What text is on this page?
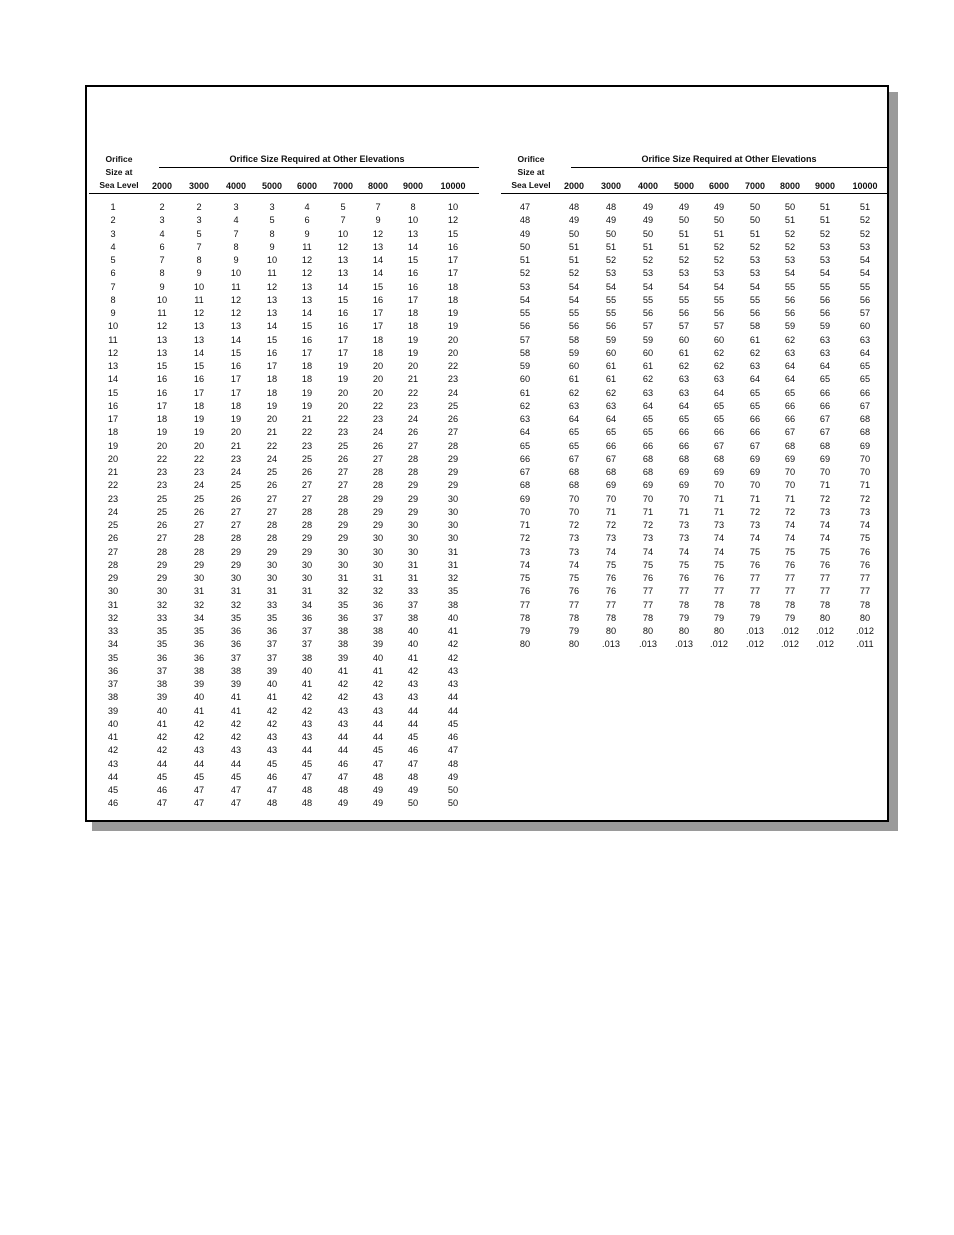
Orifice
Size at
Sea Level
Orifice Size Required at Other Elevations
2000	3000	4000	5000	6000	7000	8000	9000	10000
1	2	2	3	3	4	5	7	8	10
2	3	3	4	5	6	7	9	10	12
3	4	5	7	8	9	10	12	13	15
4	6	7	8	9	11	12	13	14	16
5	7	8	9	10	12	13	14	15	17
6	8	9	10	11	12	13	14	16	17
7	9	10	11	12	13	14	15	16	18
8	10	11	12	13	13	15	16	17	18
9	11	12	12	13	14	16	17	18	19
10	12	13	13	14	15	16	17	18	19
11	13	13	14	15	16	17	18	19	20
12	13	14	15	16	17	17	18	19	20
13	15	15	16	17	18	19	20	20	22
14	16	16	17	18	18	19	20	21	23
15	16	17	17	18	19	20	20	22	24
16	17	18	18	19	19	20	22	23	25
17	18	19	19	20	21	22	23	24	26
18	19	19	20	21	22	23	24	26	27
19	20	20	21	22	23	25	26	27	28
20	22	22	23	24	25	26	27	28	29
21	23	23	24	25	26	27	28	28	29
22	23	24	25	26	27	27	28	29	29
23	25	25	26	27	27	28	29	29	30
24	25	26	27	27	28	28	29	29	30
25	26	27	27	28	28	29	29	30	30
26	27	28	28	28	29	29	30	30	30
27	28	28	29	29	29	30	30	30	31
28	29	29	29	30	30	30	30	31	31
29	29	30	30	30	30	31	31	31	32
30	30	31	31	31	31	32	32	33	35
31	32	32	32	33	34	35	36	37	38
32	33	34	35	35	36	36	37	38	40
33	35	35	36	36	37	38	38	40	41
34	35	36	36	37	37	38	39	40	42
35	36	36	37	37	38	39	40	41	42
36	37	38	38	39	40	41	41	42	43
37	38	39	39	40	41	42	42	43	43
38	39	40	41	41	42	42	43	43	44
39	40	41	41	42	42	43	43	44	44
40	41	42	42	42	43	43	44	44	45
41	42	42	42	43	43	44	44	45	46
42	42	43	43	43	44	44	45	46	47
43	44	44	44	45	45	46	47	47	48
44	45	45	45	46	47	47	48	48	49
45	46	47	47	47	48	48	49	49	50
46	47	47	47	48	48	49	49	50	50
Orifice
Size at
Sea Level
Orifice Size Required at Other Elevations
2000	3000	4000	5000	6000	7000	8000	9000	10000
47	48	48	49	49	49	50	50	51	51
48	49	49	49	50	50	50	51	51	52
49	50	50	50	51	51	51	52	52	52
50	51	51	51	51	52	52	52	53	53
51	51	52	52	52	52	53	53	53	54
52	52	53	53	53	53	53	54	54	54
53	54	54	54	54	54	54	55	55	55
54	54	55	55	55	55	55	56	56	56
55	55	55	56	56	56	56	56	56	57
56	56	56	57	57	57	58	59	59	60
57	58	59	59	60	60	61	62	63	63
58	59	60	60	61	62	62	63	63	64
59	60	61	61	62	62	63	64	64	65
60	61	61	62	63	63	64	64	65	65
61	62	62	63	63	64	65	65	66	66
62	63	63	64	64	65	65	66	66	67
63	64	64	65	65	65	66	66	67	68
64	65	65	65	66	66	66	67	67	68
65	65	66	66	66	67	67	68	68	69
66	67	67	68	68	68	69	69	69	70
67	68	68	68	69	69	69	70	70	70
68	68	69	69	69	70	70	70	71	71
69	70	70	70	70	71	71	71	72	72
70	70	71	71	71	71	72	72	73	73
71	72	72	72	73	73	73	74	74	74
72	73	73	73	73	74	74	74	74	75
73	73	74	74	74	74	75	75	75	76
74	74	75	75	75	75	76	76	76	76
75	75	76	76	76	76	77	77	77	77
76	76	76	77	77	77	77	77	77	77
77	77	77	77	78	78	78	78	78	78
78	78	78	78	79	79	79	79	80	80
79	79	80	80	80	80	.013	.012	.012	.012
80	80	.013	.013	.013	.012	.012	.012	.012	.011
